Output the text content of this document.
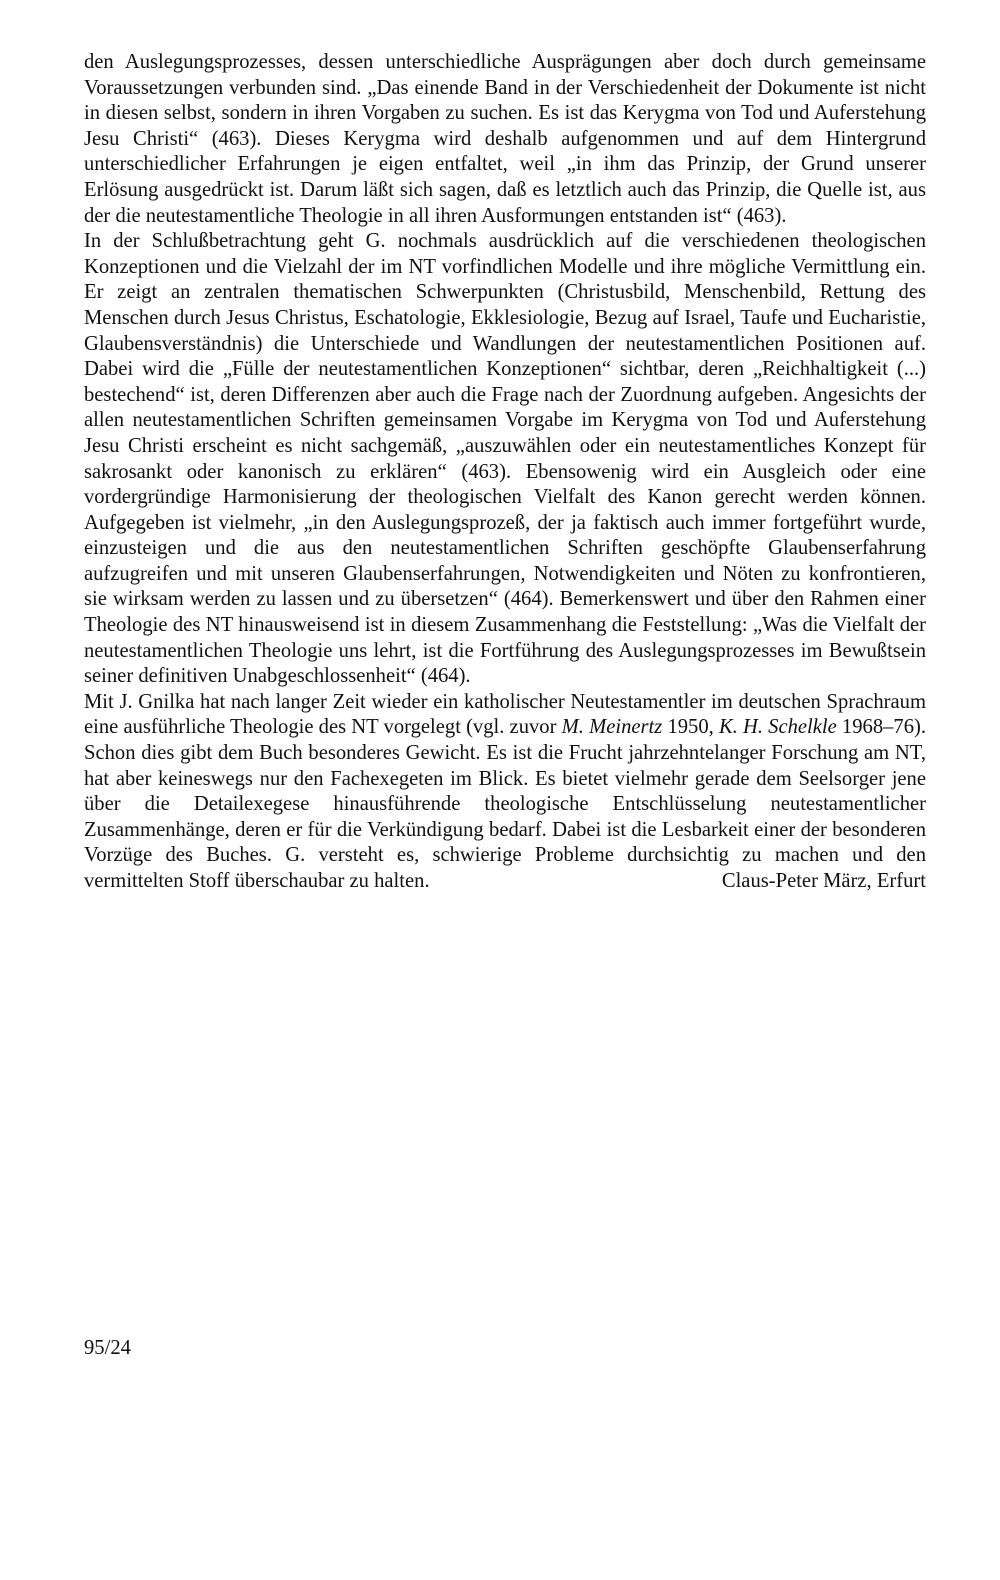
den Auslegungsprozesses, dessen unterschiedliche Ausprägungen aber doch durch gemeinsame Voraussetzungen verbunden sind. „Das einende Band in der Verschiedenheit der Dokumente ist nicht in diesen selbst, sondern in ihren Vorgaben zu suchen. Es ist das Kerygma von Tod und Auferstehung Jesu Christi“ (463). Dieses Kerygma wird deshalb aufgenommen und auf dem Hintergrund unterschiedlicher Erfahrungen je eigen entfaltet, weil „in ihm das Prinzip, der Grund unserer Erlösung ausgedrückt ist. Darum läßt sich sagen, daß es letztlich auch das Prinzip, die Quelle ist, aus der die neutestamentliche Theologie in all ihren Ausformungen entstanden ist“ (463).

In der Schlußbetrachtung geht G. nochmals ausdrücklich auf die verschiedenen theologischen Konzeptionen und die Vielzahl der im NT vorfindlichen Modelle und ihre mögliche Vermittlung ein. Er zeigt an zentralen thematischen Schwerpunkten (Christusbild, Menschenbild, Rettung des Menschen durch Jesus Christus, Eschatologie, Ekklesiologie, Bezug auf Israel, Taufe und Eucharistie, Glaubensverständnis) die Unterschiede und Wandlungen der neutestamentlichen Positionen auf. Dabei wird die „Fülle der neutestamentlichen Konzeptionen“ sichtbar, deren „Reichhaltigkeit (...) bestechend“ ist, deren Differenzen aber auch die Frage nach der Zuordnung aufgeben. Angesichts der allen neutestamentlichen Schriften gemeinsamen Vorgabe im Kerygma von Tod und Auferstehung Jesu Christi erscheint es nicht sachgemäß, „auszuwählen oder ein neutestamentliches Konzept für sakrosankt oder kanonisch zu erklären“ (463). Ebensowenig wird ein Ausgleich oder eine vordergründige Harmonisierung der theologischen Vielfalt des Kanon gerecht werden können. Aufgegeben ist vielmehr, „in den Auslegungsprozeß, der ja faktisch auch immer fortgeführt wurde, einzusteigen und die aus den neutestamentlichen Schriften geschöpfte Glaubenserfahrung aufzugreifen und mit unseren Glaubenserfahrungen, Notwendigkeiten und Nöten zu konfrontieren, sie wirksam werden zu lassen und zu übersetzen“ (464). Bemerkenswert und über den Rahmen einer Theologie des NT hinausweisend ist in diesem Zusammenhang die Feststellung: „Was die Vielfalt der neutestamentlichen Theologie uns lehrt, ist die Fortführung des Auslegungsprozesses im Bewußtsein seiner definitiven Unabgeschlossenheit“ (464).

Mit J. Gnilka hat nach langer Zeit wieder ein katholischer Neutestamentler im deutschen Sprachraum eine ausführliche Theologie des NT vorgelegt (vgl. zuvor M. Meinertz 1950, K. H. Schelkle 1968–76). Schon dies gibt dem Buch besonderes Gewicht. Es ist die Frucht jahrzehntelanger Forschung am NT, hat aber keineswegs nur den Fachexegeten im Blick. Es bietet vielmehr gerade dem Seelsorger jene über die Detailexegese hinausführende theologische Entschlüsselung neutestamentlicher Zusammenhänge, deren er für die Verkündigung bedarf. Dabei ist die Lesbarkeit einer der besonderen Vorzüge des Buches. G. versteht es, schwierige Probleme durchsichtig zu machen und den vermittelten Stoff überschaubar zu halten.	Claus-Peter März, Erfurt

95/24
